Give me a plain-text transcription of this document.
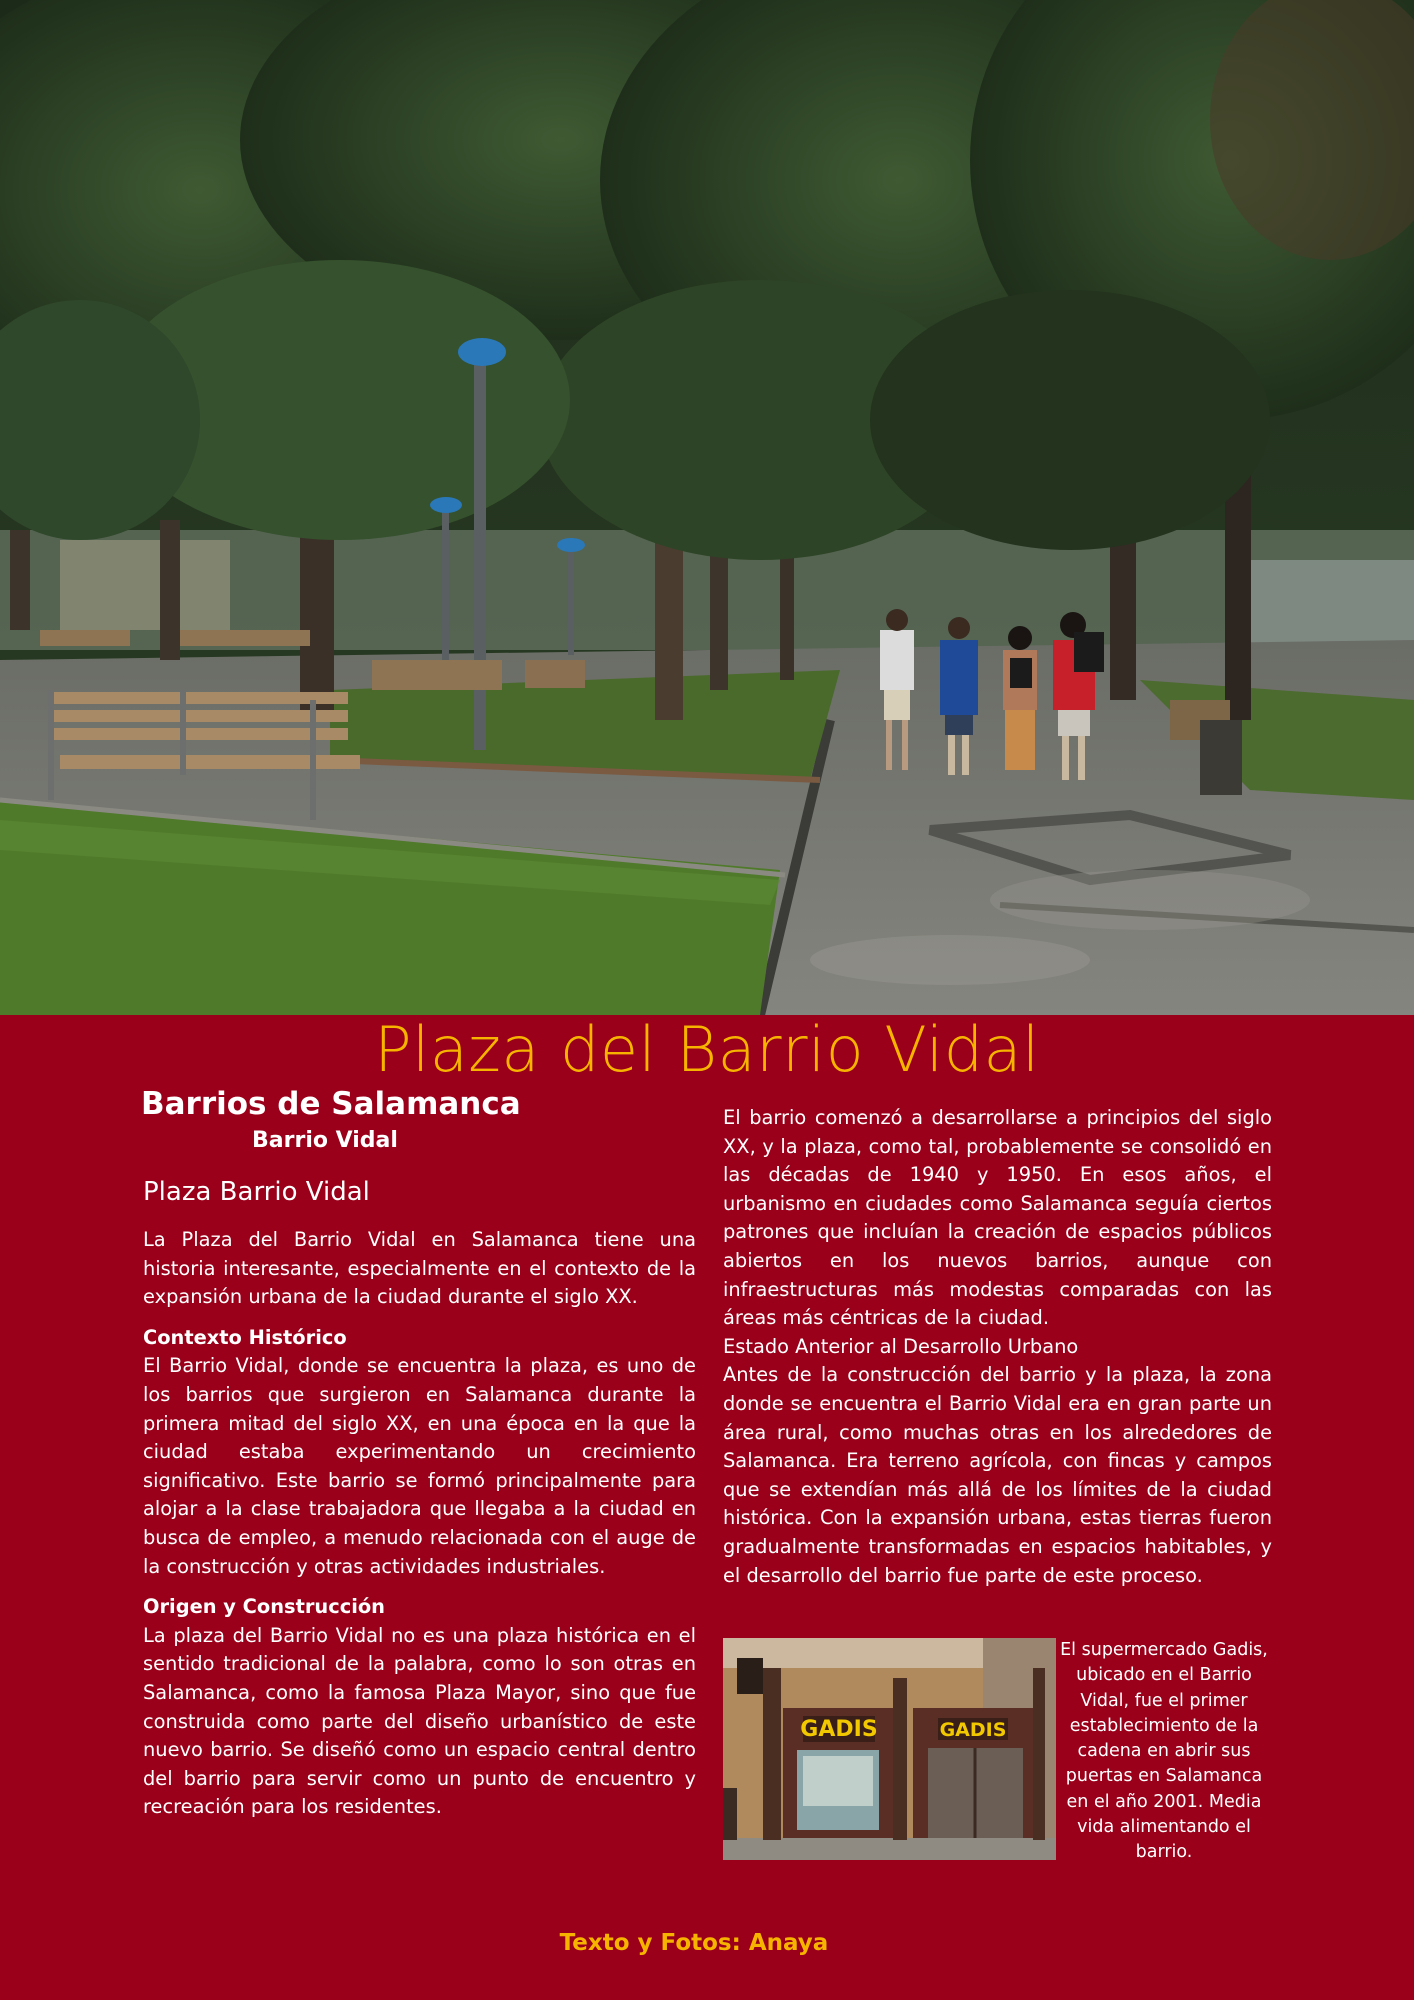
Plaza del Barrio Vidal
Barrios de Salamanca
Barrio Vidal
Plaza Barrio Vidal

La Plaza del Barrio Vidal en Salamanca tiene una historia interesante, especialmente en el contexto de la expansión urbana de la ciudad durante el siglo XX.

Contexto Histórico

El Barrio Vidal, donde se encuentra la plaza, es uno de los barrios que surgieron en Salamanca durante la primera mitad del siglo XX, en una época en la que la ciudad estaba experimentando un crecimiento significativo. Este barrio se formó principalmente para alojar a la clase trabajadora que llegaba a la ciudad en busca de empleo, a menudo relacionada con el auge de la construcción y otras actividades industriales.

Origen y Construcción

La plaza del Barrio Vidal no es una plaza histórica en el sentido tradicional de la palabra, como lo son otras en Salamanca, como la famosa Plaza Mayor, sino que fue construida como parte del diseño urbanístico de este nuevo barrio. Se diseñó como un espacio central dentro del barrio para servir como un punto de encuentro y recreación para los residentes.

El barrio comenzó a desarrollarse a principios del siglo XX, y la plaza, como tal, probablemente se consolidó en las décadas de 1940 y 1950. En esos años, el urbanismo en ciudades como Salamanca seguía ciertos patrones que incluían la creación de espacios públicos abiertos en los nuevos barrios, aunque con infraestructuras más modestas comparadas con las áreas más céntricas de la ciudad.

Estado Anterior al Desarrollo Urbano

Antes de la construcción del barrio y la plaza, la zona donde se encuentra el Barrio Vidal era en gran parte un área rural, como muchas otras en los alrededores de Salamanca. Era terreno agrícola, con fincas y campos que se extendían más allá de los límites de la ciudad histórica. Con la expansión urbana, estas tierras fueron gradualmente transformadas en espacios habitables, y el desarrollo del barrio fue parte de este proceso.

GADIS	GADIS
El supermercado Gadis, ubicado en el Barrio Vidal, fue el primer establecimiento de la cadena en abrir sus puertas en Salamanca en el año 2001. Media vida alimentando el barrio.

Texto y Fotos: Anaya
